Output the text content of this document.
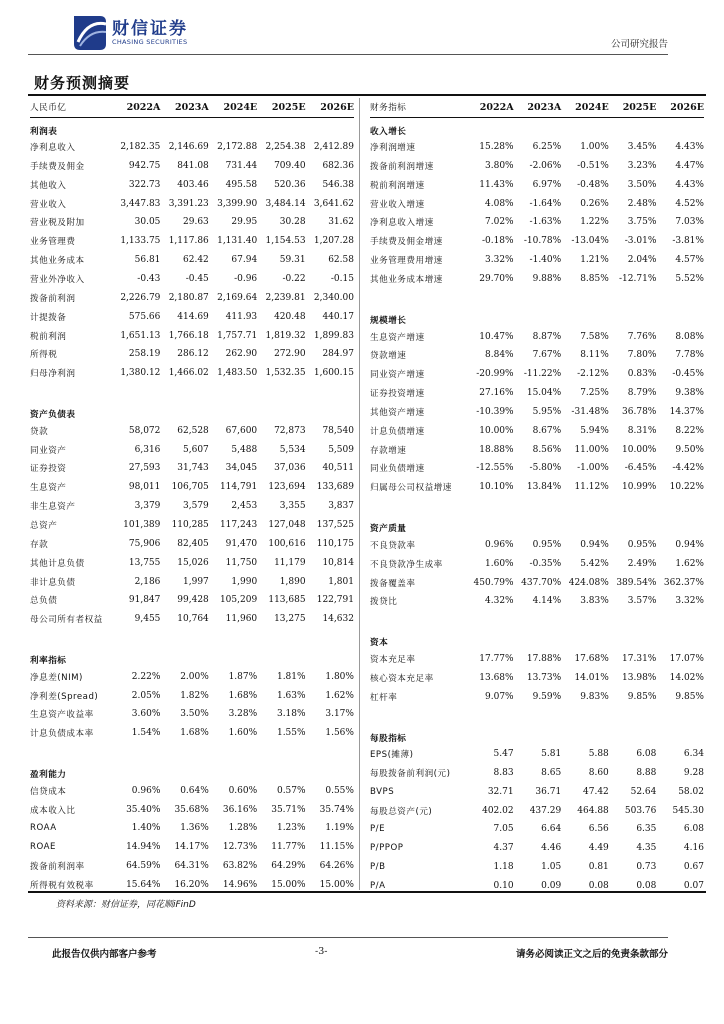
财信证券
CHASING SECURITIES	公司研究报告
财务预测摘要
人民币亿	2022A	2023A	2024E	2025E	2026E
利润表
净利息收入	2,182.35 2,146.69 2,172.88 2,254.38 2,412.89
手续费及佣金	942.75	841.08	731.44	709.40	682.36
其他收入	322.73	403.46	495.58	520.36	546.38
营业收入	3,447.83 3,391.23 3,399.90 3,484.14 3,641.62
营业税及附加	30.05	29.63	29.95	30.28	31.62
业务管理费	1,133.75 1,117.86 1,131.40 1,154.53 1,207.28
其他业务成本	56.81	62.42	67.94	59.31	62.58
营业外净收入	-0.43	-0.45	-0.96	-0.22	-0.15
拨备前利润	2,226.79 2,180.87 2,169.64 2,239.81 2,340.00
计提拨备	575.66	414.69	411.93	420.48	440.17
税前利润	1,651.13 1,766.18 1,757.71 1,819.32 1,899.83
所得税	258.19	286.12	262.90	272.90	284.97
归母净利润	1,380.12 1,466.02 1,483.50 1,532.35 1,600.15
资产负债表
贷款	58,072	62,528	67,600	72,873	78,540
同业资产	6,316	5,607	5,488	5,534	5,509
证券投资	27,593	31,743	34,045	37,036	40,511
生息资产	98,011	106,705	114,791	123,694	133,689
非生息资产	3,379	3,579	2,453	3,355	3,837
总资产	101,389	110,285	117,243	127,048	137,525
存款	75,906	82,405	91,470	100,616	110,175
其他计息负债	13,755	15,026	11,750	11,179	10,814
非计息负债	2,186	1,997	1,990	1,890	1,801
总负债	91,847	99,428	105,209	113,685	122,791
母公司所有者权益	9,455	10,764	11,960	13,275	14,632
利率指标
净息差(NIM)	2.22%	2.00%	1.87%	1.81%	1.80%
净利差(Spread)	2.05%	1.82%	1.68%	1.63%	1.62%
生息资产收益率	3.60%	3.50%	3.28%	3.18%	3.17%
计息负债成本率	1.54%	1.68%	1.60%	1.55%	1.56%
盈利能力
信贷成本	0.96%	0.64%	0.60%	0.57%	0.55%
成本收入比	35.40%	35.68%	36.16%	35.71%	35.74%
ROAA	1.40%	1.36%	1.28%	1.23%	1.19%
ROAE	14.94%	14.17%	12.73%	11.77%	11.15%
拨备前利润率	64.59%	64.31%	63.82%	64.29%	64.26%
所得税有效税率	15.64%	16.20%	14.96%	15.00%	15.00%
财务指标	2022A	2023A	2024E	2025E	2026E
收入增长
净利润增速	15.28%	6.25%	1.00%	3.45%	4.43%
拨备前利润增速	3.80%	-2.06%	-0.51%	3.23%	4.47%
税前利润增速	11.43%	6.97%	-0.48%	3.50%	4.43%
营业收入增速	4.08%	-1.64%	0.26%	2.48%	4.52%
净利息收入增速	7.02%	-1.63%	1.22%	3.75%	7.03%
手续费及佣金增速	-0.18%	-10.78%	-13.04%	-3.01%	-3.81%
业务管理费用增速	3.32%	-1.40%	1.21%	2.04%	4.57%
其他业务成本增速	29.70%	9.88%	8.85%	-12.71%	5.52%
规模增长
生息资产增速	10.47%	8.87%	7.58%	7.76%	8.08%
贷款增速	8.84%	7.67%	8.11%	7.80%	7.78%
同业资产增速	-20.99%	-11.22%	-2.12%	0.83%	-0.45%
证券投资增速	27.16%	15.04%	7.25%	8.79%	9.38%
其他资产增速	-10.39%	5.95%	-31.48%	36.78%	14.37%
计息负债增速	10.00%	8.67%	5.94%	8.31%	8.22%
存款增速	18.88%	8.56%	11.00%	10.00%	9.50%
同业负债增速	-12.55%	-5.80%	-1.00%	-6.45%	-4.42%
归属母公司权益增速	10.10%	13.84%	11.12%	10.99%	10.22%
资产质量
不良贷款率	0.96%	0.95%	0.94%	0.95%	0.94%
不良贷款净生成率	1.60%	-0.35%	5.42%	2.49%	1.62%
拨备覆盖率	450.79% 437.70% 424.08% 389.54% 362.37%
拨贷比	4.32%	4.14%	3.83%	3.57%	3.32%
资本
资本充足率	17.77%	17.88%	17.68%	17.31%	17.07%
核心资本充足率	13.68%	13.73%	14.01%	13.98%	14.02%
杠杆率	9.07%	9.59%	9.83%	9.85%	9.85%
每股指标
EPS(摊薄)	5.47	5.81	5.88	6.08	6.34
每股拨备前利润(元)	8.83	8.65	8.60	8.88	9.28
BVPS	32.71	36.71	47.42	52.64	58.02
每股总资产(元)	402.02	437.29	464.88	503.76	545.30
P/E	7.05	6.64	6.56	6.35	6.08
P/PPOP	4.37	4.46	4.49	4.35	4.16
P/B	1.18	1.05	0.81	0.73	0.67
P/A	0.10	0.09	0.08	0.08	0.07
资料来源：财信证券，同花顺iFinD
此报告仅供内部客户参考	-3-	请务必阅读正文之后的免责条款部分
